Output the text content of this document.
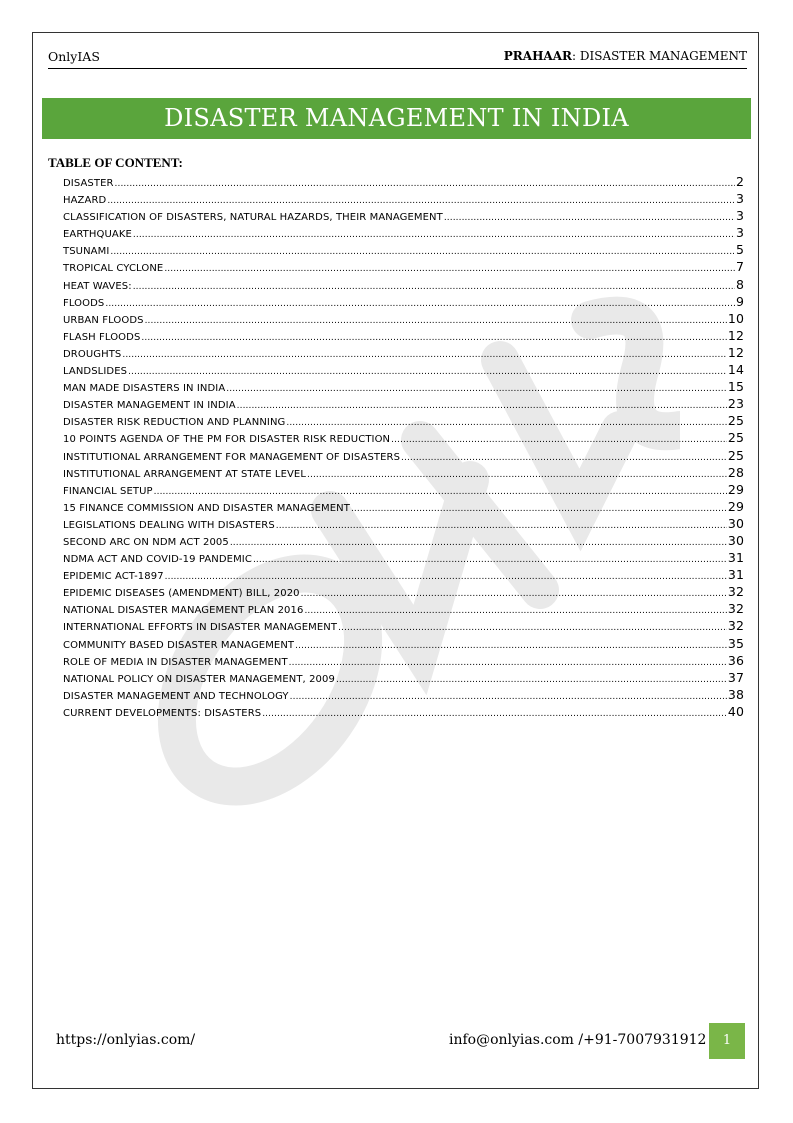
OnlyIAS	PRAHAAR: DISASTER MANAGEMENT
DISASTER MANAGEMENT IN INDIA
TABLE OF CONTENT:
DISASTER .....	2
HAZARD .....	3
CLASSIFICATION OF DISASTERS, NATURAL HAZARDS, THEIR MANAGEMENT .....	3
EARTHQUAKE .....	3
TSUNAMI .....	5
TROPICAL CYCLONE .....	7
HEAT WAVES: .....	8
FLOODS .....	9
URBAN FLOODS .....	10
FLASH FLOODS .....	12
DROUGHTS .....	12
LANDSLIDES .....	14
MAN MADE DISASTERS IN INDIA .....	15
DISASTER MANAGEMENT IN INDIA .....	23
DISASTER RISK REDUCTION AND PLANNING .....	25
10 POINTS AGENDA OF THE PM FOR DISASTER RISK REDUCTION .....	25
INSTITUTIONAL ARRANGEMENT FOR MANAGEMENT OF DISASTERS .....	25
INSTITUTIONAL ARRANGEMENT AT STATE LEVEL .....	28
FINANCIAL SETUP .....	29
15 FINANCE COMMISSION AND DISASTER MANAGEMENT .....	29
LEGISLATIONS DEALING WITH DISASTERS .....	30
SECOND ARC ON NDM ACT 2005 .....	30
NDMA ACT AND COVID-19 PANDEMIC .....	31
EPIDEMIC ACT-1897 .....	31
EPIDEMIC DISEASES (AMENDMENT) BILL, 2020 .....	32
NATIONAL DISASTER MANAGEMENT PLAN 2016 .....	32
INTERNATIONAL EFFORTS IN DISASTER MANAGEMENT .....	32
COMMUNITY BASED DISASTER MANAGEMENT .....	35
ROLE OF MEDIA IN DISASTER MANAGEMENT .....	36
NATIONAL POLICY ON DISASTER MANAGEMENT, 2009 .....	37
DISASTER MANAGEMENT AND TECHNOLOGY .....	38
CURRENT DEVELOPMENTS: DISASTERS .....	40
https://onlyias.com/	info@onlyias.com /+91-7007931912	1
